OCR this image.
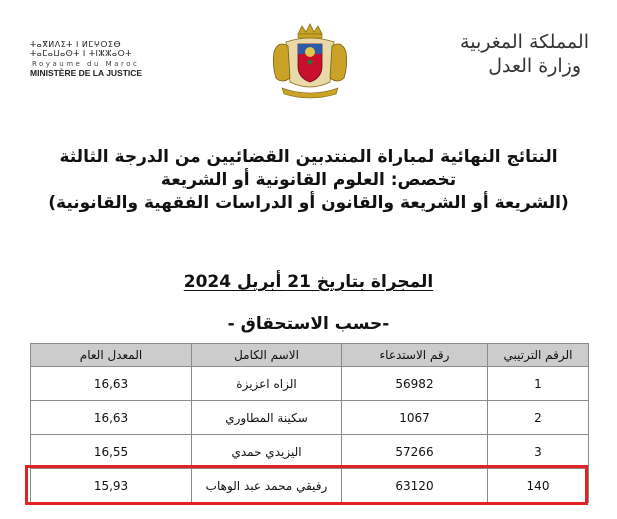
ⵜⴰⴳⵍⴷⵉⵜ ⵏ ⵍⵎⵖⵔⵉⴱ
ⵜⴰⵎⴰⵡⴰⵙⵜ ⵏ ⵜⵏⵣⵣⴰⵔⵜ
Royaume du Maroc
MINISTÈRE DE LA JUSTICE
المملكة المغربية
وزارة العدل
النتائج النهائية لمباراة المنتدبين القضائيين من الدرجة الثالثة
تخصص: العلوم القانونية أو الشريعة
(الشريعة أو الشريعة والقانون أو الدراسات الفقهية والقانونية)
المجراة بتاريخ 21 أبريل 2024
-حسب الاستحقاق -
الرقم الترتيبي	رقم الاستدعاء	الاسم الكامل	المعدل العام
1	56982	الزاه اعزيزة	16,63
2	1067	سكينة المطاوري	16,63
3	57266	اليزيدي حمدي	16,55
140	63120	رفيقي محمد عبد الوهاب	15,93
